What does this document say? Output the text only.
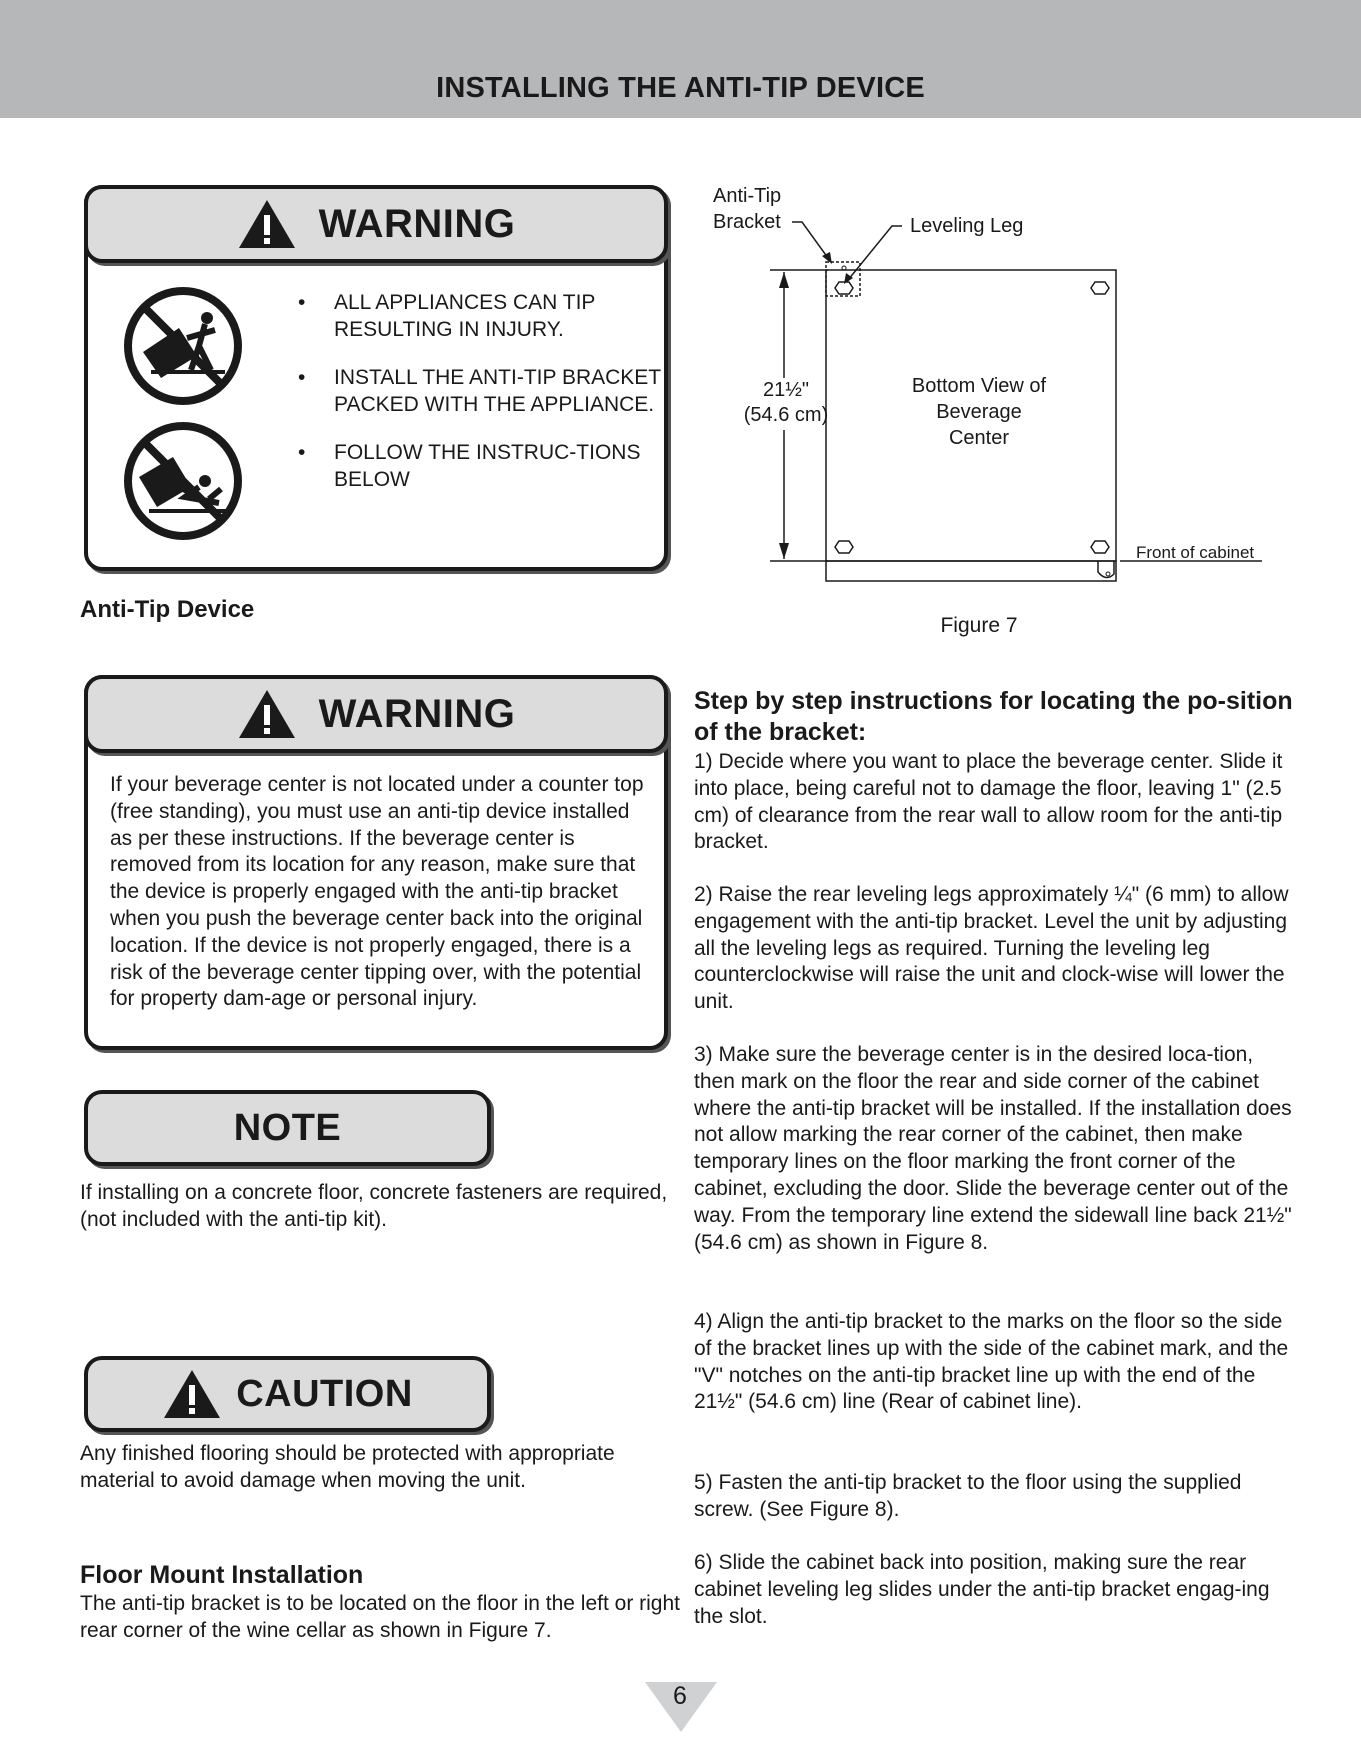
INSTALLING THE ANTI-TIP DEVICE
WARNING
• ALL APPLIANCES CAN TIP RESULTING IN INJURY.
• INSTALL THE ANTI-TIP BRACKET PACKED WITH THE APPLIANCE.
• FOLLOW THE INSTRUC-TIONS BELOW
Anti-Tip Device
WARNING

If your beverage center is not located under a counter top (free standing), you must use an anti-tip device installed as per these instructions. If the beverage center is removed from its location for any reason, make sure that the device is properly engaged with the anti-tip bracket when you push the beverage center back into the original location. If the device is not properly engaged, there is a risk of the beverage center tipping over, with the potential for property dam-age or personal injury.

NOTE

If installing on a concrete floor, concrete fasteners are required, (not included with the anti-tip kit).

CAUTION

Any finished flooring should be protected with appropriate material to avoid damage when moving the unit.

Floor Mount Installation

The anti-tip bracket is to be located on the floor in the left or right rear corner of the wine cellar as shown in Figure 7.

Anti-Tip
Bracket	Leveling Leg
21½"
(54.6 cm)
Bottom View of
Beverage
Center
Front of cabinet
Figure 7
Step by step instructions for locating the po-sition of the bracket:

1) Decide where you want to place the beverage center. Slide it into place, being careful not to damage the floor, leaving 1" (2.5 cm) of clearance from the rear wall to allow room for the anti-tip bracket.

2) Raise the rear leveling legs approximately ¼" (6 mm) to allow engagement with the anti-tip bracket. Level the unit by adjusting all the leveling legs as required. Turning the leveling leg counterclockwise will raise the unit and clock-wise will lower the unit.

3) Make sure the beverage center is in the desired loca-tion, then mark on the floor the rear and side corner of the cabinet where the anti-tip bracket will be installed. If the installation does not allow marking the rear corner of the cabinet, then make temporary lines on the floor marking the front corner of the cabinet, excluding the door. Slide the beverage center out of the way. From the temporary line extend the sidewall line back 21½" (54.6 cm) as shown in Figure 8.

4) Align the anti-tip bracket to the marks on the floor so the side of the bracket lines up with the side of the cabinet mark, and the "V" notches on the anti-tip bracket line up with the end of the 21½" (54.6 cm) line (Rear of cabinet line).

5) Fasten the anti-tip bracket to the floor using the supplied screw. (See Figure 8).

6) Slide the cabinet back into position, making sure the rear cabinet leveling leg slides under the anti-tip bracket engag-ing the slot.

6
